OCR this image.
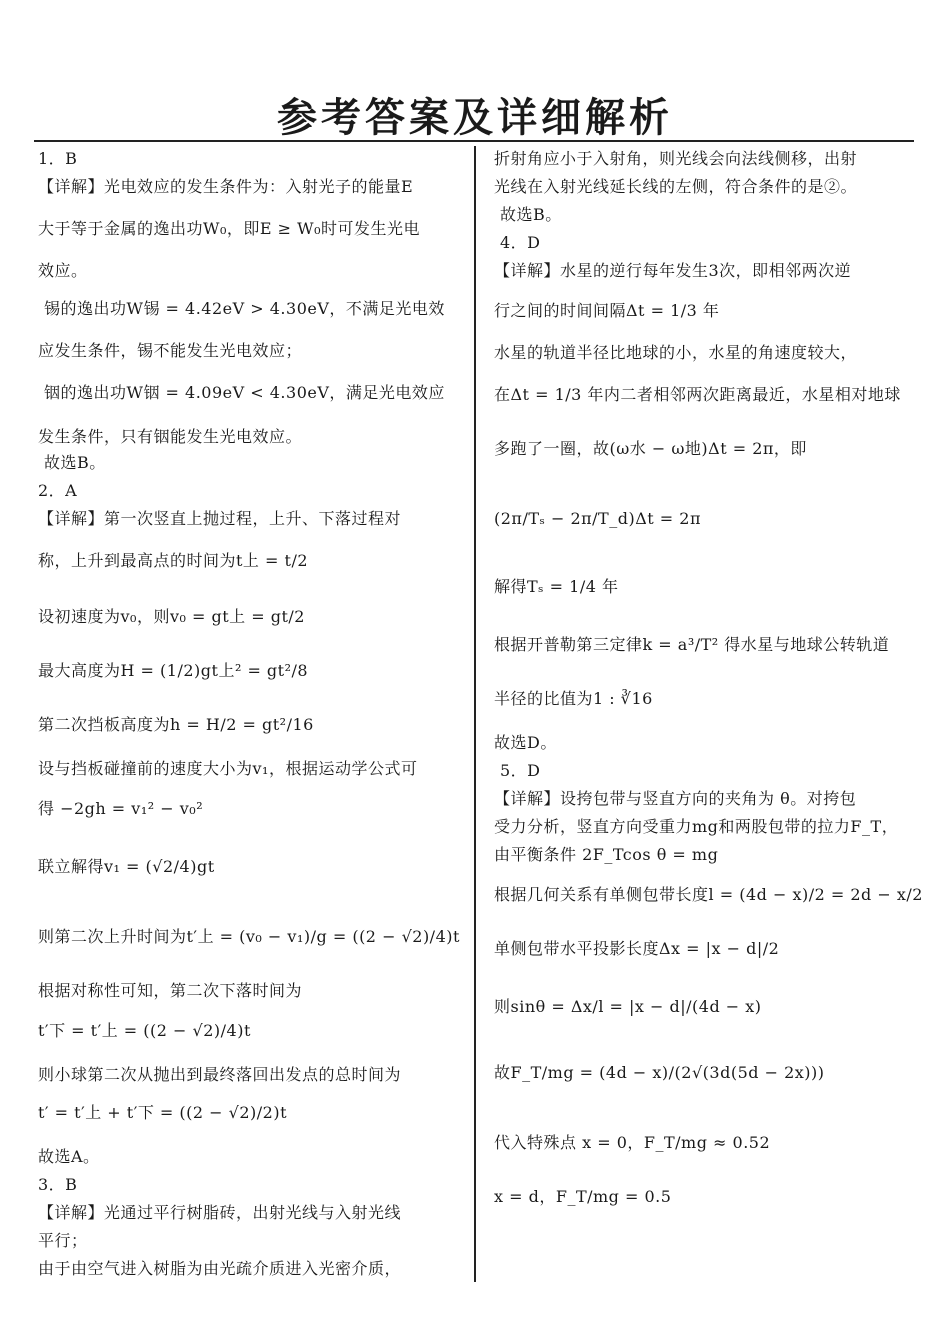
参考答案及详细解析
1．B
【详解】光电效应的发生条件为：入射光子的能量E
大于等于金属的逸出功W₀，即E ≥ W₀时可发生光电
效应。
锡的逸出功W锡 = 4.42eV > 4.30eV，不满足光电效
应发生条件，锡不能发生光电效应；
铟的逸出功W铟 = 4.09eV < 4.30eV，满足光电效应
发生条件，只有铟能发生光电效应。
故选B。
2．A
【详解】第一次竖直上抛过程，上升、下落过程对
称，上升到最高点的时间为t上 = t/2
设初速度为v₀，则v₀ = gt上 = gt/2
最大高度为H = (1/2)gt上² = gt²/8
第二次挡板高度为h = H/2 = gt²/16
设与挡板碰撞前的速度大小为v₁，根据运动学公式可
得 −2gh = v₁² − v₀²
联立解得v₁ = (√2/4)gt
则第二次上升时间为t′上 = (v₀ − v₁)/g = ((2 − √2)/4)t
根据对称性可知，第二次下落时间为
t′下 = t′上 = ((2 − √2)/4)t
则小球第二次从抛出到最终落回出发点的总时间为
t′ = t′上 + t′下 = ((2 − √2)/2)t
故选A。
3．B
【详解】光通过平行树脂砖，出射光线与入射光线
平行；
由于由空气进入树脂为由光疏介质进入光密介质，
折射角应小于入射角，则光线会向法线侧移，出射
光线在入射光线延长线的左侧，符合条件的是②。
故选B。
4．D
【详解】水星的逆行每年发生3次，即相邻两次逆
行之间的时间间隔Δt = 1/3 年
水星的轨道半径比地球的小，水星的角速度较大，
在Δt = 1/3 年内二者相邻两次距离最近，水星相对地球
多跑了一圈，故(ω水 − ω地)Δt = 2π，即
(2π/Tₛ − 2π/T_d)Δt = 2π
解得Tₛ = 1/4 年
根据开普勒第三定律k = a³/T² 得水星与地球公转轨道
半径的比值为1 : ∛16
故选D。
5．D
【详解】设挎包带与竖直方向的夹角为 θ。对挎包
受力分析，竖直方向受重力mg和两股包带的拉力F_T，
由平衡条件 2F_Tcos θ = mg
根据几何关系有单侧包带长度l = (4d − x)/2 = 2d − x/2
单侧包带水平投影长度Δx = |x − d|/2
则sinθ = Δx/l = |x − d|/(4d − x)
故F_T/mg = (4d − x)/(2√(3d(5d − 2x)))
代入特殊点 x = 0，F_T/mg ≈ 0.52
x = d，F_T/mg = 0.5
